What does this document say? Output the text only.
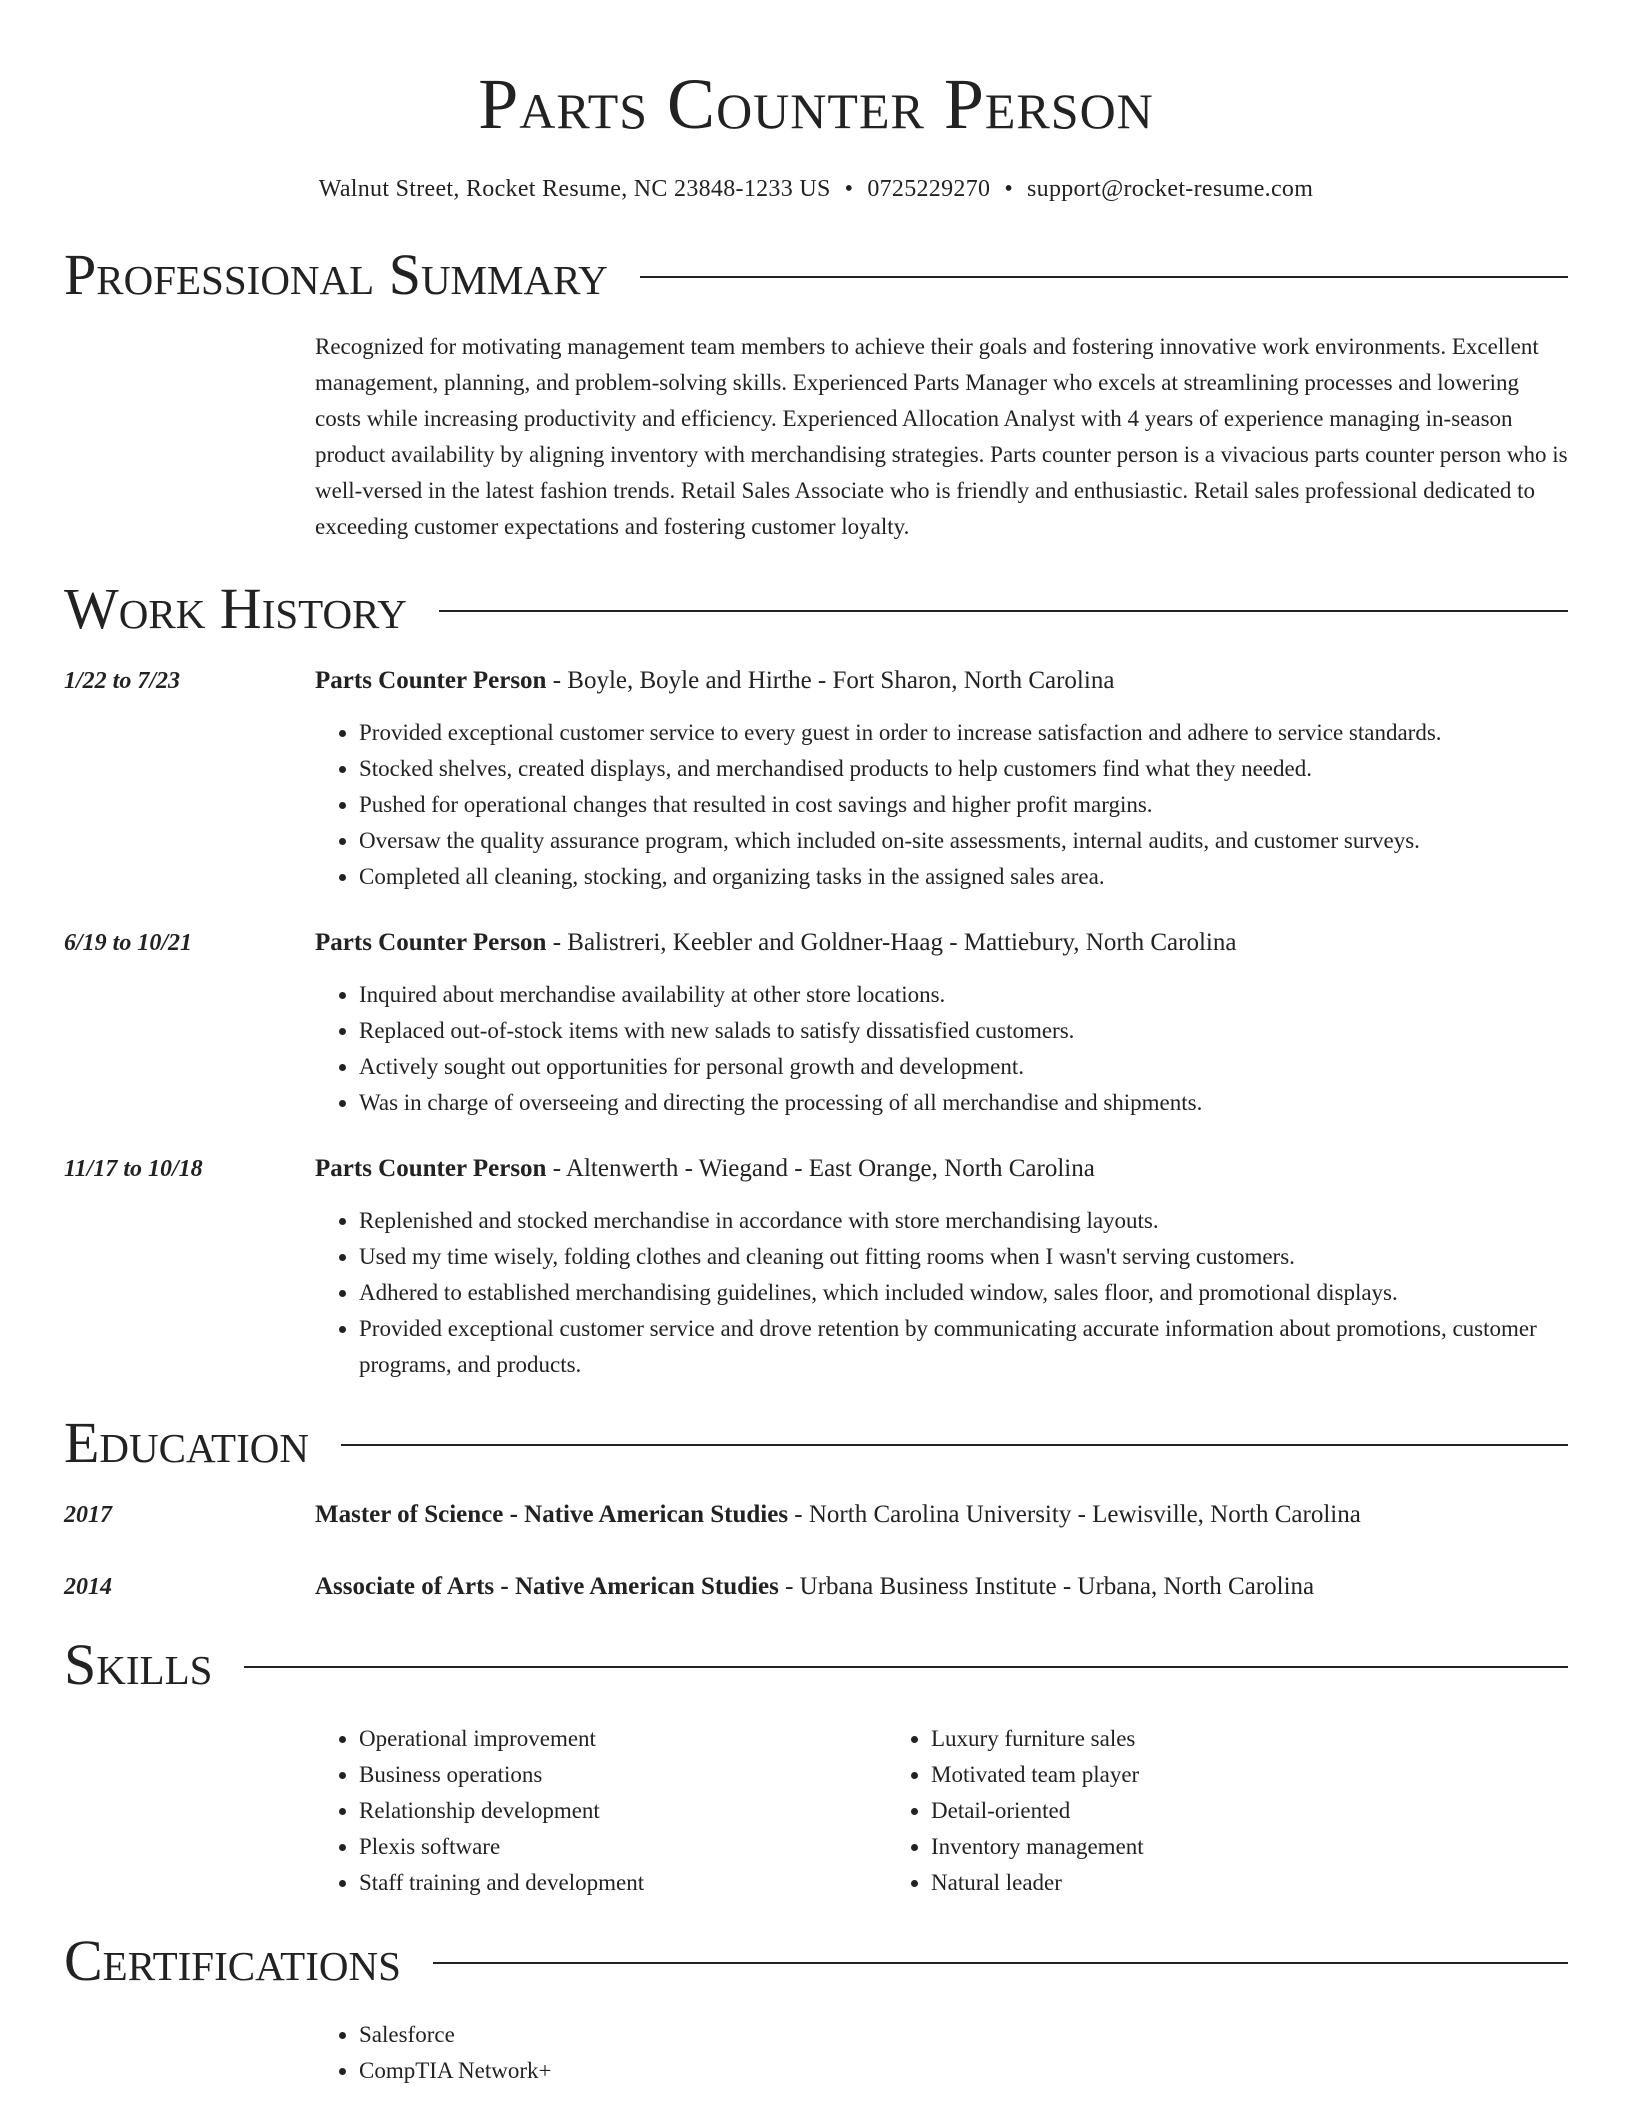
Parts Counter Person
Walnut Street, Rocket Resume, NC 23848-1233 US • 0725229270 • support@rocket-resume.com
Professional Summary
Recognized for motivating management team members to achieve their goals and fostering innovative work environments. Excellent management, planning, and problem-solving skills. Experienced Parts Manager who excels at streamlining processes and lowering costs while increasing productivity and efficiency. Experienced Allocation Analyst with 4 years of experience managing in-season product availability by aligning inventory with merchandising strategies. Parts counter person is a vivacious parts counter person who is well-versed in the latest fashion trends. Retail Sales Associate who is friendly and enthusiastic. Retail sales professional dedicated to exceeding customer expectations and fostering customer loyalty.
Work History
1/22 to 7/23	Parts Counter Person - Boyle, Boyle and Hirthe - Fort Sharon, North Carolina
• Provided exceptional customer service to every guest in order to increase satisfaction and adhere to service standards.
• Stocked shelves, created displays, and merchandised products to help customers find what they needed.
• Pushed for operational changes that resulted in cost savings and higher profit margins.
• Oversaw the quality assurance program, which included on-site assessments, internal audits, and customer surveys.
• Completed all cleaning, stocking, and organizing tasks in the assigned sales area.
6/19 to 10/21	Parts Counter Person - Balistreri, Keebler and Goldner-Haag - Mattiebury, North Carolina
• Inquired about merchandise availability at other store locations.
• Replaced out-of-stock items with new salads to satisfy dissatisfied customers.
• Actively sought out opportunities for personal growth and development.
• Was in charge of overseeing and directing the processing of all merchandise and shipments.
11/17 to 10/18	Parts Counter Person - Altenwerth - Wiegand - East Orange, North Carolina
• Replenished and stocked merchandise in accordance with store merchandising layouts.
• Used my time wisely, folding clothes and cleaning out fitting rooms when I wasn't serving customers.
• Adhered to established merchandising guidelines, which included window, sales floor, and promotional displays.
• Provided exceptional customer service and drove retention by communicating accurate information about promotions, customer programs, and products.
Education
2017	Master of Science - Native American Studies - North Carolina University - Lewisville, North Carolina
2014	Associate of Arts - Native American Studies - Urbana Business Institute - Urbana, North Carolina
Skills
• Operational improvement
• Business operations
• Relationship development
• Plexis software
• Staff training and development
• Luxury furniture sales
• Motivated team player
• Detail-oriented
• Inventory management
• Natural leader
Certifications
• Salesforce
• CompTIA Network+
